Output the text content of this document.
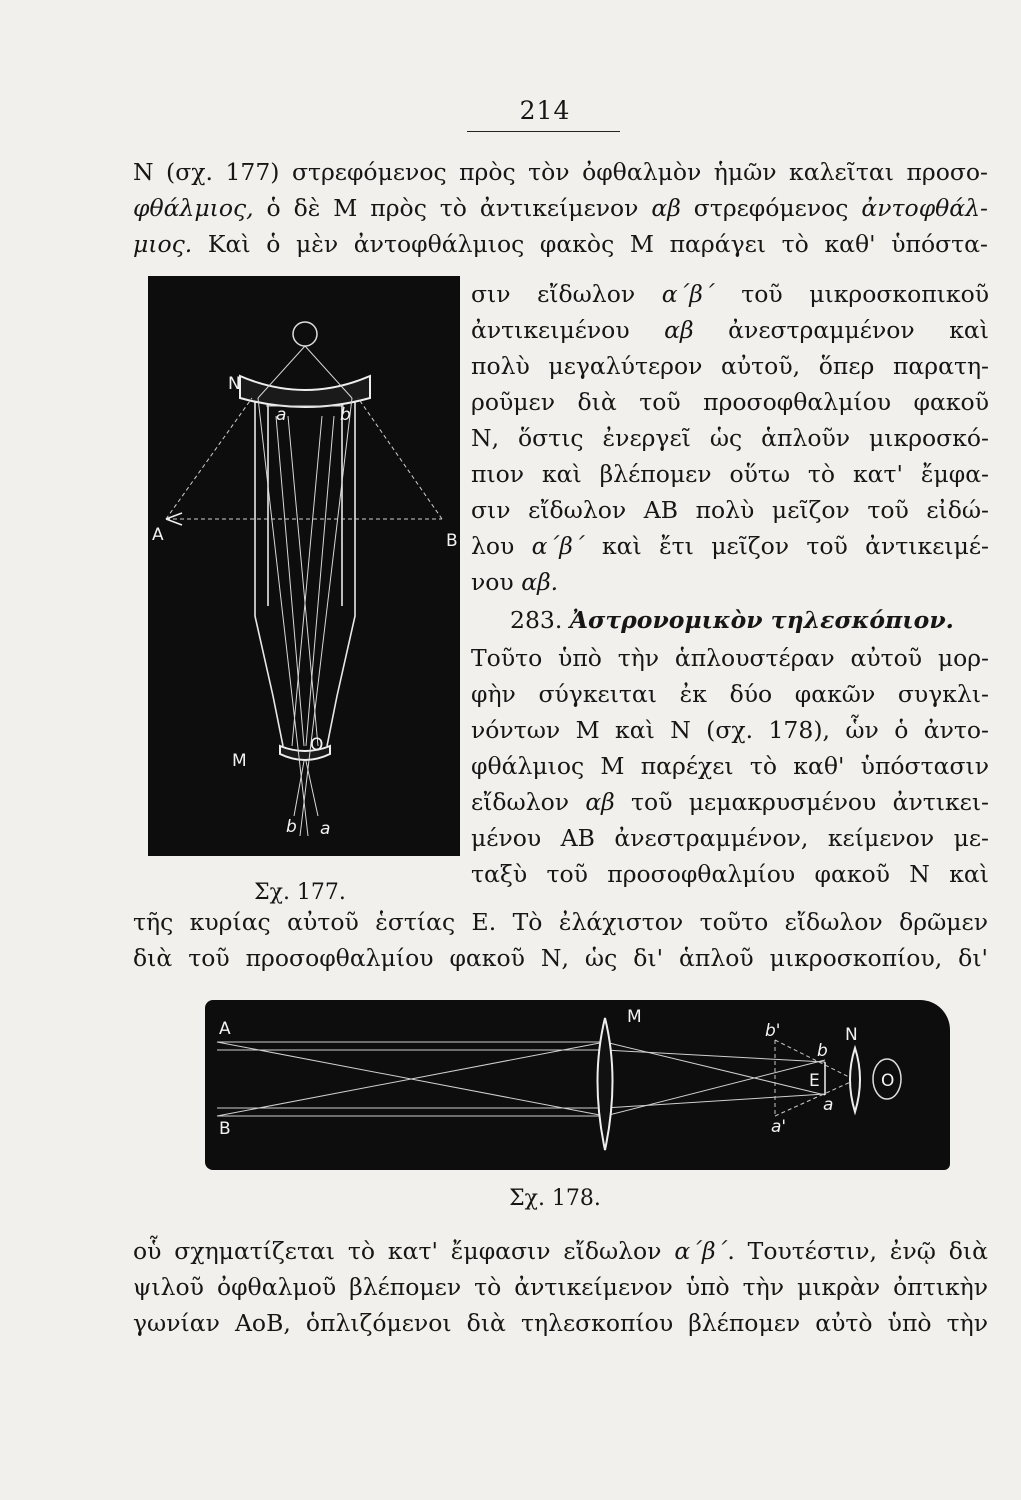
214
N (σχ. 177) στρεφόμενος πρὸς τὸν ὀφθαλμὸν ἡμῶν καλεῖται προσο-
φθάλμιος, ὁ δὲ Μ πρὸς τὸ ἀντικείμενον αβ στρεφόμενος ἀντοφθάλ-
μιος. Καὶ ὁ μὲν ἀντοφθάλμιος φακὸς Μ παράγει τὸ καθ' ὑπόστα-
N
a	b
A	B
O
M
b a
Σχ. 177.
σιν εἴδωλον α΄β΄ τοῦ μικροσκοπικοῦ
ἀντικειμένου αβ ἀνεστραμμένον καὶ
πολὺ μεγαλύτερον αὐτοῦ, ὅπερ παρατη-
ροῦμεν διὰ τοῦ προσοφθαλμίου φακοῦ
Ν, ὅστις ἐνεργεῖ ὡς ἁπλοῦν μικροσκό-
πιον καὶ βλέπομεν οὕτω τὸ κατ' ἔμφα-
σιν εἴδωλον ΑΒ πολὺ μεῖζον τοῦ εἰδώ-
λου α΄β΄ καὶ ἔτι μεῖζον τοῦ ἀντικειμέ-
νου αβ.
283. Ἀστρονομικὸν τηλεσκόπιον.
Τοῦτο ὑπὸ τὴν ἁπλουστέραν αὐτοῦ μορ-
φὴν σύγκειται ἐκ δύο φακῶν συγκλι-
νόντων Μ καὶ Ν (σχ. 178), ὧν ὁ ἀντο-
φθάλμιος Μ παρέχει τὸ καθ' ὑπόστασιν
εἴδωλον αβ τοῦ μεμακρυσμένου ἀντικει-
μένου ΑΒ ἀνεστραμμένον, κείμενον με-
ταξὺ τοῦ προσοφθαλμίου φακοῦ Ν καὶ
τῆς κυρίας αὐτοῦ ἑστίας Ε. Τὸ ἐλάχιστον τοῦτο εἴδωλον δρῶμεν
διὰ τοῦ προσοφθαλμίου φακοῦ Ν, ὡς δι' ἁπλοῦ μικροσκοπίου, δι'
A
B
M
b'	N
b
E	O
a
a'
Σχ. 178.
οὗ σχηματίζεται τὸ κατ' ἔμφασιν εἴδωλον α΄β΄. Τουτέστιν, ἐνῷ διὰ
ψιλοῦ ὀφθαλμοῦ βλέπομεν τὸ ἀντικείμενον ὑπὸ τὴν μικρὰν ὀπτικὴν
γωνίαν ΑοΒ, ὁπλιζόμενοι διὰ τηλεσκοπίου βλέπομεν αὐτὸ ὑπὸ τὴν
